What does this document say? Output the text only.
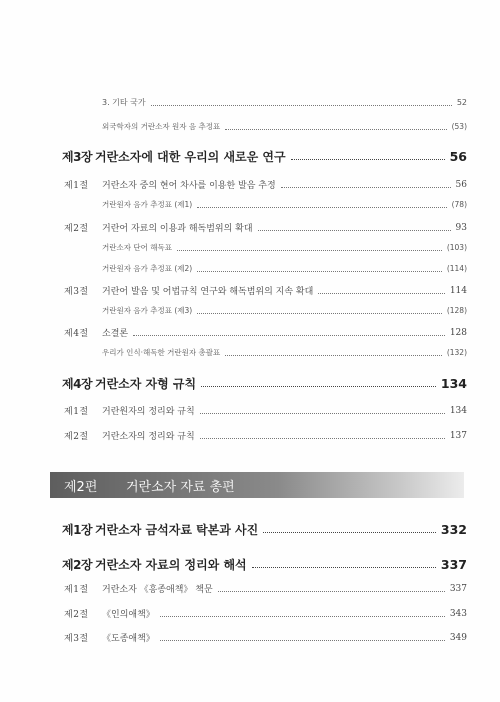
3. 기타 국가	52
외국학자의 거란소자 원자 음 추정표	(53)
제3장 거란소자에 대한 우리의 새로운 연구	56
제1절	거란소자 중의 현어 차사를 이용한 발음 추정	56
거란원자 음가 추정표 (제1)	(78)
제2절	거란어 자료의 이용과 해독범위의 확대	93
거란소자 단어 해독표	(103)
거란원자 음가 추정표 (제2)	(114)
제3절	거란어 발음 및 어법규칙 연구와 해독범위의 지속 확대	114
거란원자 음가 추정표 (제3)	(128)
제4절	소결론	128
우리가 인식·해독한 거란원자 총괄표	(132)
제4장 거란소자 자형 규칙	134
제1절	거란원자의 정리와 규칙	134
제2절	거란소자의 정리와 규칙	137
제2편	거란소자 자료 총편
제1장 거란소자 금석자료 탁본과 사진	332
제2장 거란소자 자료의 정리와 해석	337
제1절	거란소자 《흥종애책》 책문	337
제2절	《인의애책》	343
제3절	《도종애책》	349
